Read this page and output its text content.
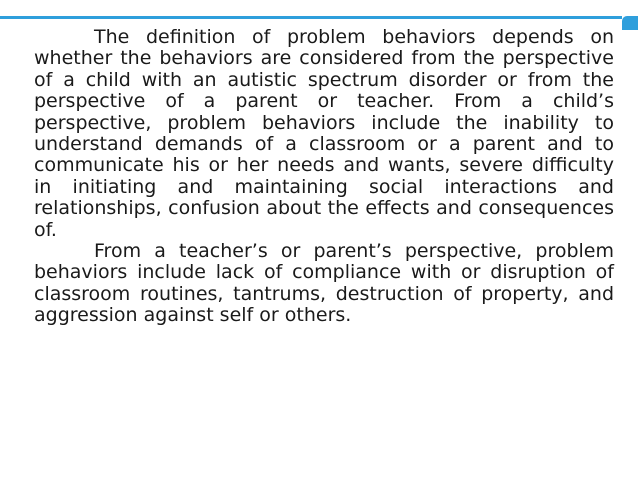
The definition of problem behaviors depends on whether the behaviors are considered from the perspective of a child with an autistic spectrum disorder or from the perspective of a parent or teacher. From a child’s perspective, problem behaviors include the inability to understand demands of a classroom or a parent and to communicate his or her needs and wants, severe difficulty in initiating and maintaining social interactions and relationships, confusion about the effects and consequences of.

From a teacher’s or parent’s perspective, problem behaviors include lack of compliance with or disruption of classroom routines, tantrums, destruction of property, and aggression against self or others.
